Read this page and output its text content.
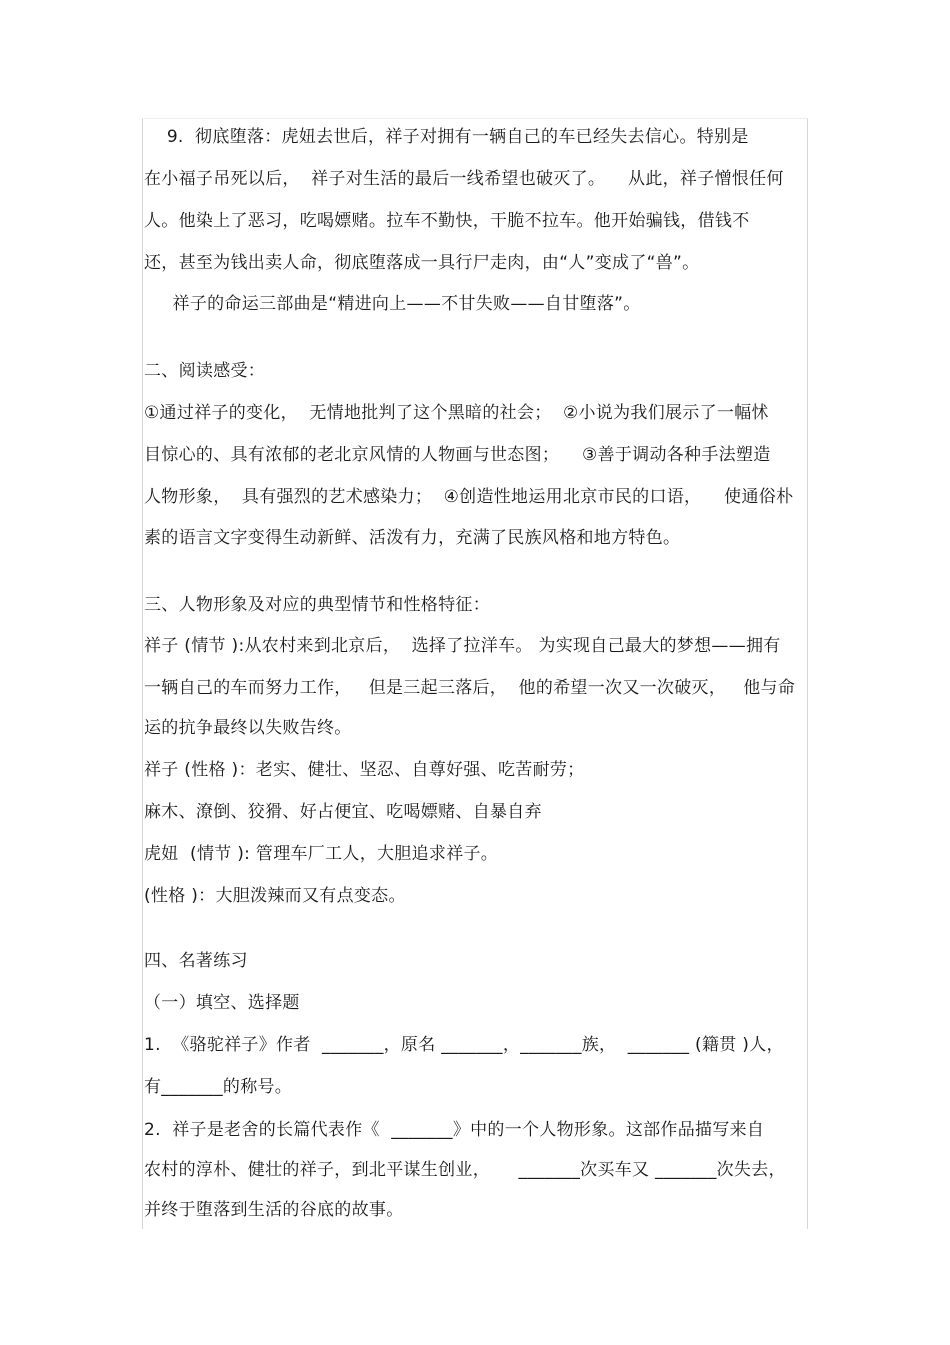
9.  彻底堕落：虎妞去世后，祥子对拥有一辆自己的车已经失去信心。特别是
在小福子吊死以后，  祥子对生活的最后一线希望也破灭了。    从此，祥子憎恨任何
人。他染上了恶习，吃喝嫖赌。拉车不勤快，干脆不拉车。他开始骗钱，借钱不
还，甚至为钱出卖人命，彻底堕落成一具行尸走肉，由“人”变成了“兽”。
祥子的命运三部曲是“精进向上——不甘失败——自甘堕落”。
二、阅读感受：
①通过祥子的变化，  无情地批判了这个黑暗的社会；  ②小说为我们展示了一幅怵
目惊心的、具有浓郁的老北京风情的人物画与世态图；    ③善于调动各种手法塑造
人物形象，  具有强烈的艺术感染力；  ④创造性地运用北京市民的口语，    使通俗朴
素的语言文字变得生动新鲜、活泼有力，充满了民族风格和地方特色。
三、人物形象及对应的典型情节和性格特征：
祥子 (情节 ):从农村来到北京后，  选择了拉洋车。 为实现自己最大的梦想——拥有
一辆自己的车而努力工作，   但是三起三落后，  他的希望一次又一次破灭，   他与命
运的抗争最终以失败告终。
祥子 (性格 )：老实、健壮、坚忍、自尊好强、吃苦耐劳；
麻木、潦倒、狡猾、好占便宜、吃喝嫖赌、自暴自弃
虎妞  (情节 ): 管理车厂工人，大胆追求祥子。
(性格 )：大胆泼辣而又有点变态。
四、名著练习
（一）填空、选择题
1.  《骆驼祥子》作者  _______，原名 _______，_______族，  _______ (籍贯 )人，
有_______的称号。
2.  祥子是老舍的长篇代表作《  _______》中的一个人物形象。这部作品描写来自
农村的淳朴、健壮的祥子，到北平谋生创业，     _______次买车又 _______次失去，
并终于堕落到生活的谷底的故事。
